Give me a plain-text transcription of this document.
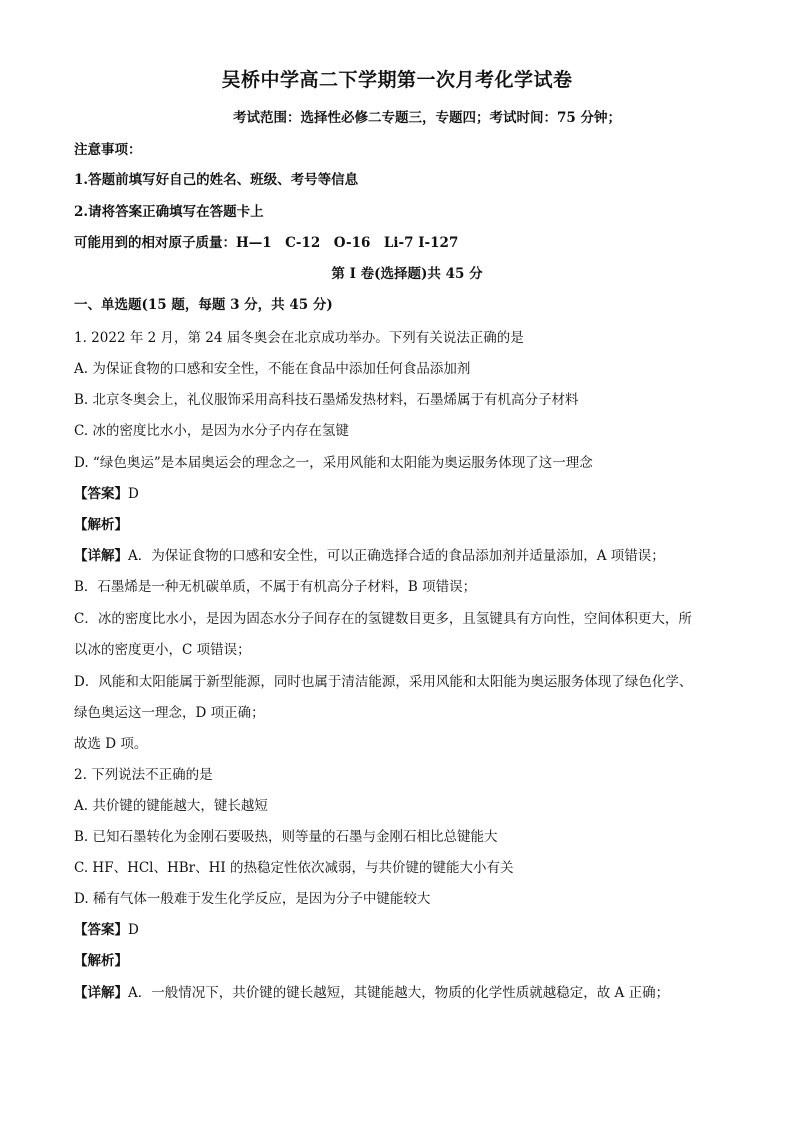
吴桥中学高二下学期第一次月考化学试卷
考试范围：选择性必修二专题三，专题四；考试时间：75 分钟；
注意事项：
1.答题前填写好自己的姓名、班级、考号等信息
2.请将答案正确填写在答题卡上
可能用到的相对原子质量：H—1　C-12　O-16　Li-7 I-127
第 I 卷(选择题)共 45 分
一、单选题(15 题，每题 3 分，共 45 分)
1. 2022 年 2 月，第 24 届冬奥会在北京成功举办。下列有关说法正确的是
A. 为保证食物的口感和安全性，不能在食品中添加任何食品添加剂
B. 北京冬奥会上，礼仪服饰采用高科技石墨烯发热材料，石墨烯属于有机高分子材料
C. 冰的密度比水小，是因为水分子内存在氢键
D. “绿色奥运”是本届奥运会的理念之一，采用风能和太阳能为奥运服务体现了这一理念
【答案】D
【解析】
【详解】A．为保证食物的口感和安全性，可以正确选择合适的食品添加剂并适量添加，A 项错误；
B．石墨烯是一种无机碳单质，不属于有机高分子材料，B 项错误；
C．冰的密度比水小，是因为固态水分子间存在的氢键数目更多，且氢键具有方向性，空间体积更大，所
以冰的密度更小，C 项错误；
D．风能和太阳能属于新型能源，同时也属于清洁能源，采用风能和太阳能为奥运服务体现了绿色化学、
绿色奥运这一理念，D 项正确；
故选 D 项。
2. 下列说法不正确的是
A. 共价键的键能越大，键长越短
B. 已知石墨转化为金刚石要吸热，则等量的石墨与金刚石相比总键能大
C. HF、HCl、HBr、HI 的热稳定性依次减弱，与共价键的键能大小有关
D. 稀有气体一般难于发生化学反应，是因为分子中键能较大
【答案】D
【解析】
【详解】A．一般情况下，共价键的键长越短，其键能越大，物质的化学性质就越稳定，故 A 正确；
